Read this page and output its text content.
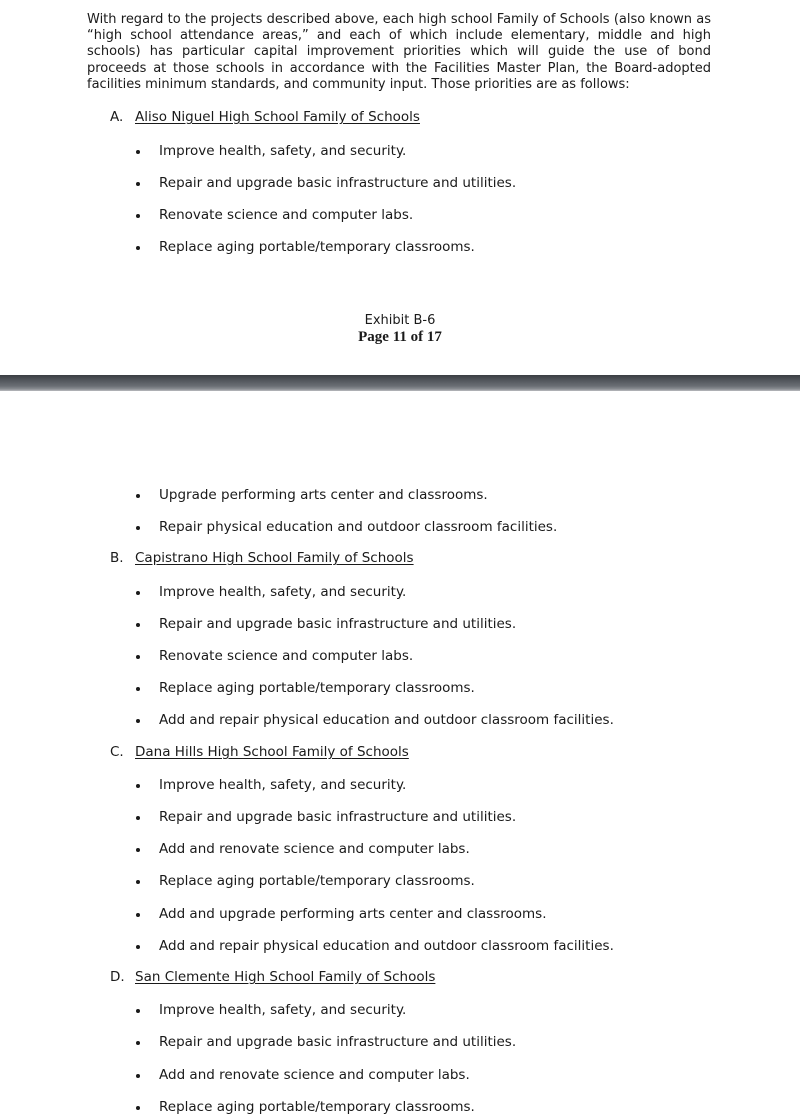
With regard to the projects described above, each high school Family of Schools (also known as “high school attendance areas,” and each of which include elementary, middle and high schools) has particular capital improvement priorities which will guide the use of bond proceeds at those schools in accordance with the Facilities Master Plan, the Board-adopted facilities minimum standards, and community input. Those priorities are as follows:

A. Aliso Niguel High School Family of Schools
Improve health, safety, and security.
Repair and upgrade basic infrastructure and utilities.
Renovate science and computer labs.
Replace aging portable/temporary classrooms.
Exhibit B-6
Page 11 of 17
Upgrade performing arts center and classrooms.
Repair physical education and outdoor classroom facilities.
B. Capistrano High School Family of Schools
Improve health, safety, and security.
Repair and upgrade basic infrastructure and utilities.
Renovate science and computer labs.
Replace aging portable/temporary classrooms.
Add and repair physical education and outdoor classroom facilities.
C. Dana Hills High School Family of Schools
Improve health, safety, and security.
Repair and upgrade basic infrastructure and utilities.
Add and renovate science and computer labs.
Replace aging portable/temporary classrooms.
Add and upgrade performing arts center and classrooms.
Add and repair physical education and outdoor classroom facilities.
D. San Clemente High School Family of Schools
Improve health, safety, and security.
Repair and upgrade basic infrastructure and utilities.
Add and renovate science and computer labs.
Replace aging portable/temporary classrooms.
